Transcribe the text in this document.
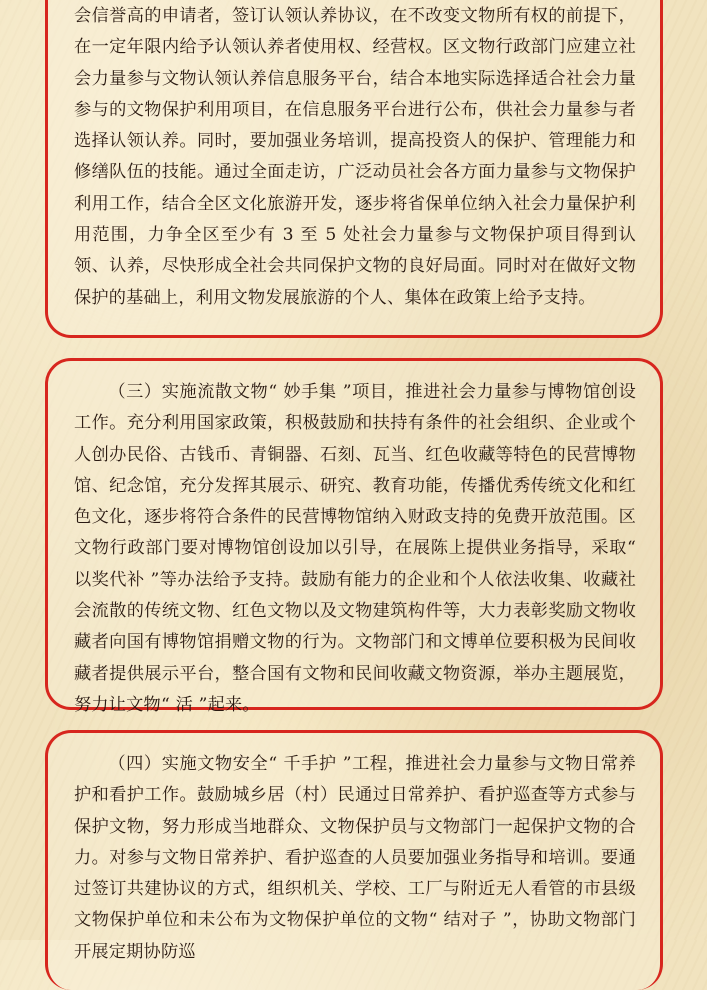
会信誉高的申请者，签订认领认养协议，在不改变文物所有权的前提下，在一定年限内给予认领认养者使用权、经营权。区文物行政部门应建立社会力量参与文物认领认养信息服务平台，结合本地实际选择适合社会力量参与的文物保护利用项目，在信息服务平台进行公布，供社会力量参与者选择认领认养。同时，要加强业务培训，提高投资人的保护、管理能力和修缮队伍的技能。通过全面走访，广泛动员社会各方面力量参与文物保护利用工作，结合全区文化旅游开发，逐步将省保单位纳入社会力量保护利用范围，力争全区至少有 3 至 5 处社会力量参与文物保护项目得到认领、认养，尽快形成全社会共同保护文物的良好局面。同时对在做好文物保护的基础上，利用文物发展旅游的个人、集体在政策上给予支持。

（三）实施流散文物“ 妙手集 ”项目，推进社会力量参与博物馆创设工作。充分利用国家政策，积极鼓励和扶持有条件的社会组织、企业或个人创办民俗、古钱币、青铜器、石刻、瓦当、红色收藏等特色的民营博物馆、纪念馆，充分发挥其展示、研究、教育功能，传播优秀传统文化和红色文化，逐步将符合条件的民营博物馆纳入财政支持的免费开放范围。区文物行政部门要对博物馆创设加以引导，在展陈上提供业务指导，采取“ 以奖代补 ”等办法给予支持。鼓励有能力的企业和个人依法收集、收藏社会流散的传统文物、红色文物以及文物建筑构件等，大力表彰奖励文物收藏者向国有博物馆捐赠文物的行为。文物部门和文博单位要积极为民间收藏者提供展示平台，整合国有文物和民间收藏文物资源，举办主题展览，努力让文物“ 活 ”起来。

（四）实施文物安全“ 千手护 ”工程，推进社会力量参与文物日常养护和看护工作。鼓励城乡居（村）民通过日常养护、看护巡查等方式参与保护文物，努力形成当地群众、文物保护员与文物部门一起保护文物的合力。对参与文物日常养护、看护巡查的人员要加强业务指导和培训。要通过签订共建协议的方式，组织机关、学校、工厂与附近无人看管的市县级文物保护单位和未公布为文物保护单位的文物“ 结对子 ”，协助文物部门开展定期协防巡
